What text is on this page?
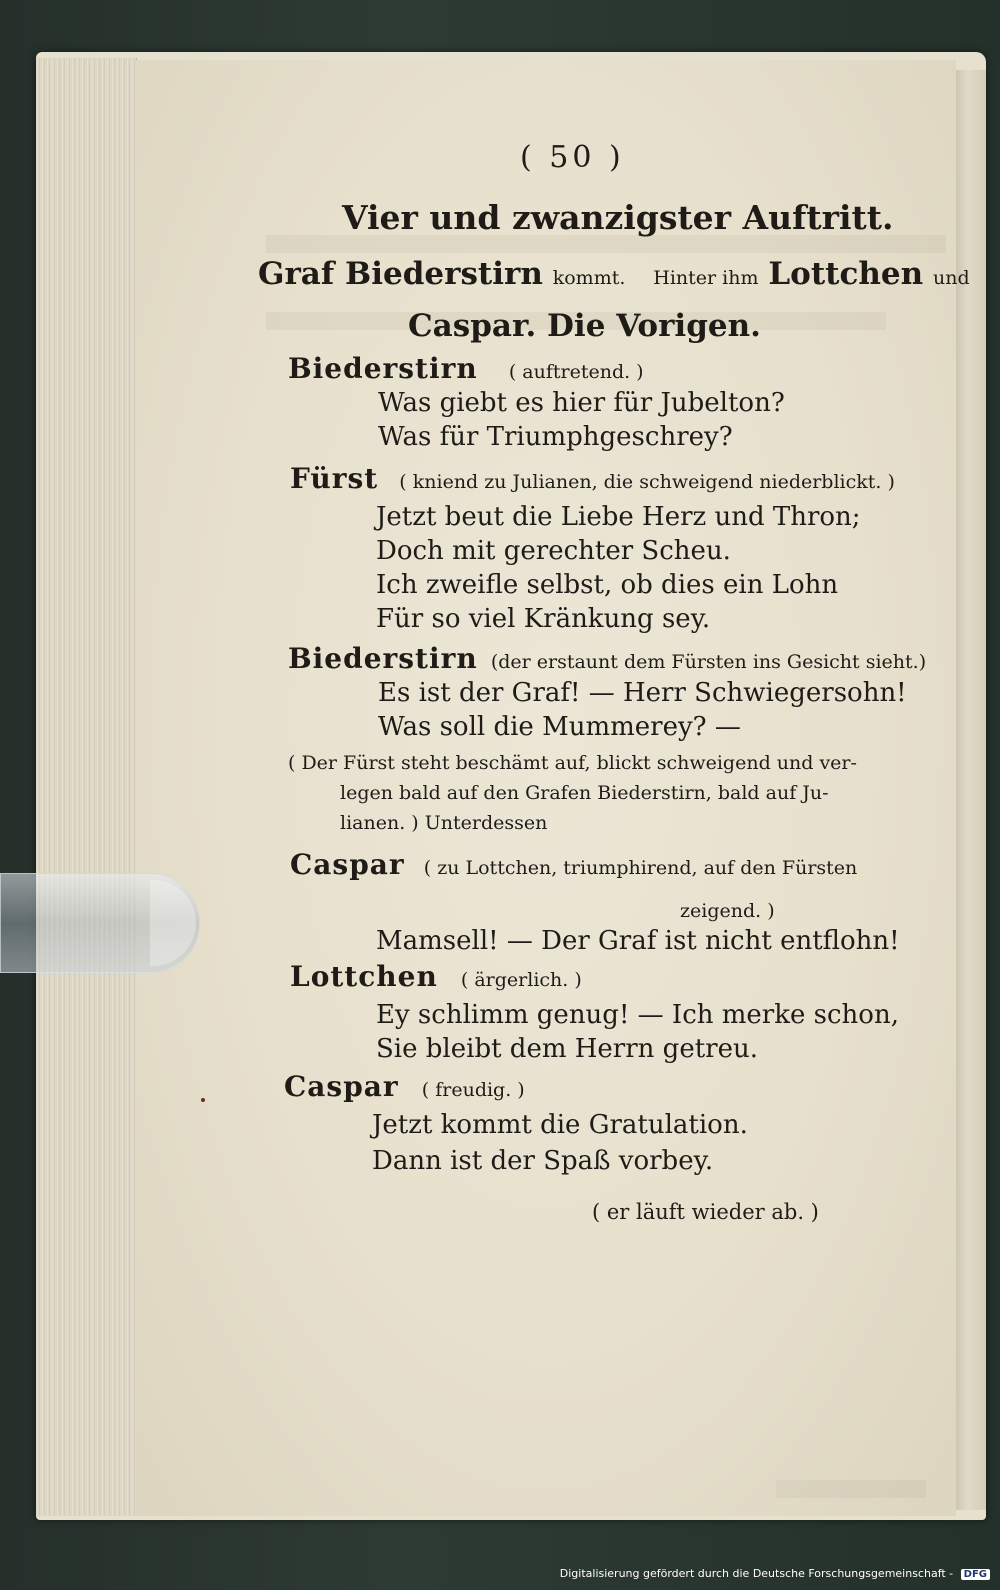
( 50 )
Vier und zwanzigster Auftritt.
Graf Biederstirn kommt. Hinter ihm Lottchen und
Caspar. Die Vorigen.
Biederstirn ( auftretend. )
Was giebt es hier für Jubelton?
Was für Triumphgeschrey?
Fürst ( kniend zu Julianen, die schweigend niederblickt. )
Jetzt beut die Liebe Herz und Thron;
Doch mit gerechter Scheu.
Ich zweifle selbst, ob dies ein Lohn
Für so viel Kränkung sey.
Biederstirn (der erstaunt dem Fürsten ins Gesicht sieht.)
Es ist der Graf! — Herr Schwiegersohn!
Was soll die Mummerey? —
( Der Fürst steht beschämt auf, blickt schweigend und ver-
legen bald auf den Grafen Biederstirn, bald auf Ju-
lianen. ) Unterdessen
Caspar ( zu Lottchen, triumphirend, auf den Fürsten
zeigend. )
Mamsell! — Der Graf ist nicht entflohn!
Lottchen ( ärgerlich. )
Ey schlimm genug! — Ich merke schon,
Sie bleibt dem Herrn getreu.
Caspar ( freudig. )
Jetzt kommt die Gratulation.
Dann ist der Spaß vorbey.
( er läuft wieder ab. )
Digitalisierung gefördert durch die Deutsche Forschungsgemeinschaft - DFG
